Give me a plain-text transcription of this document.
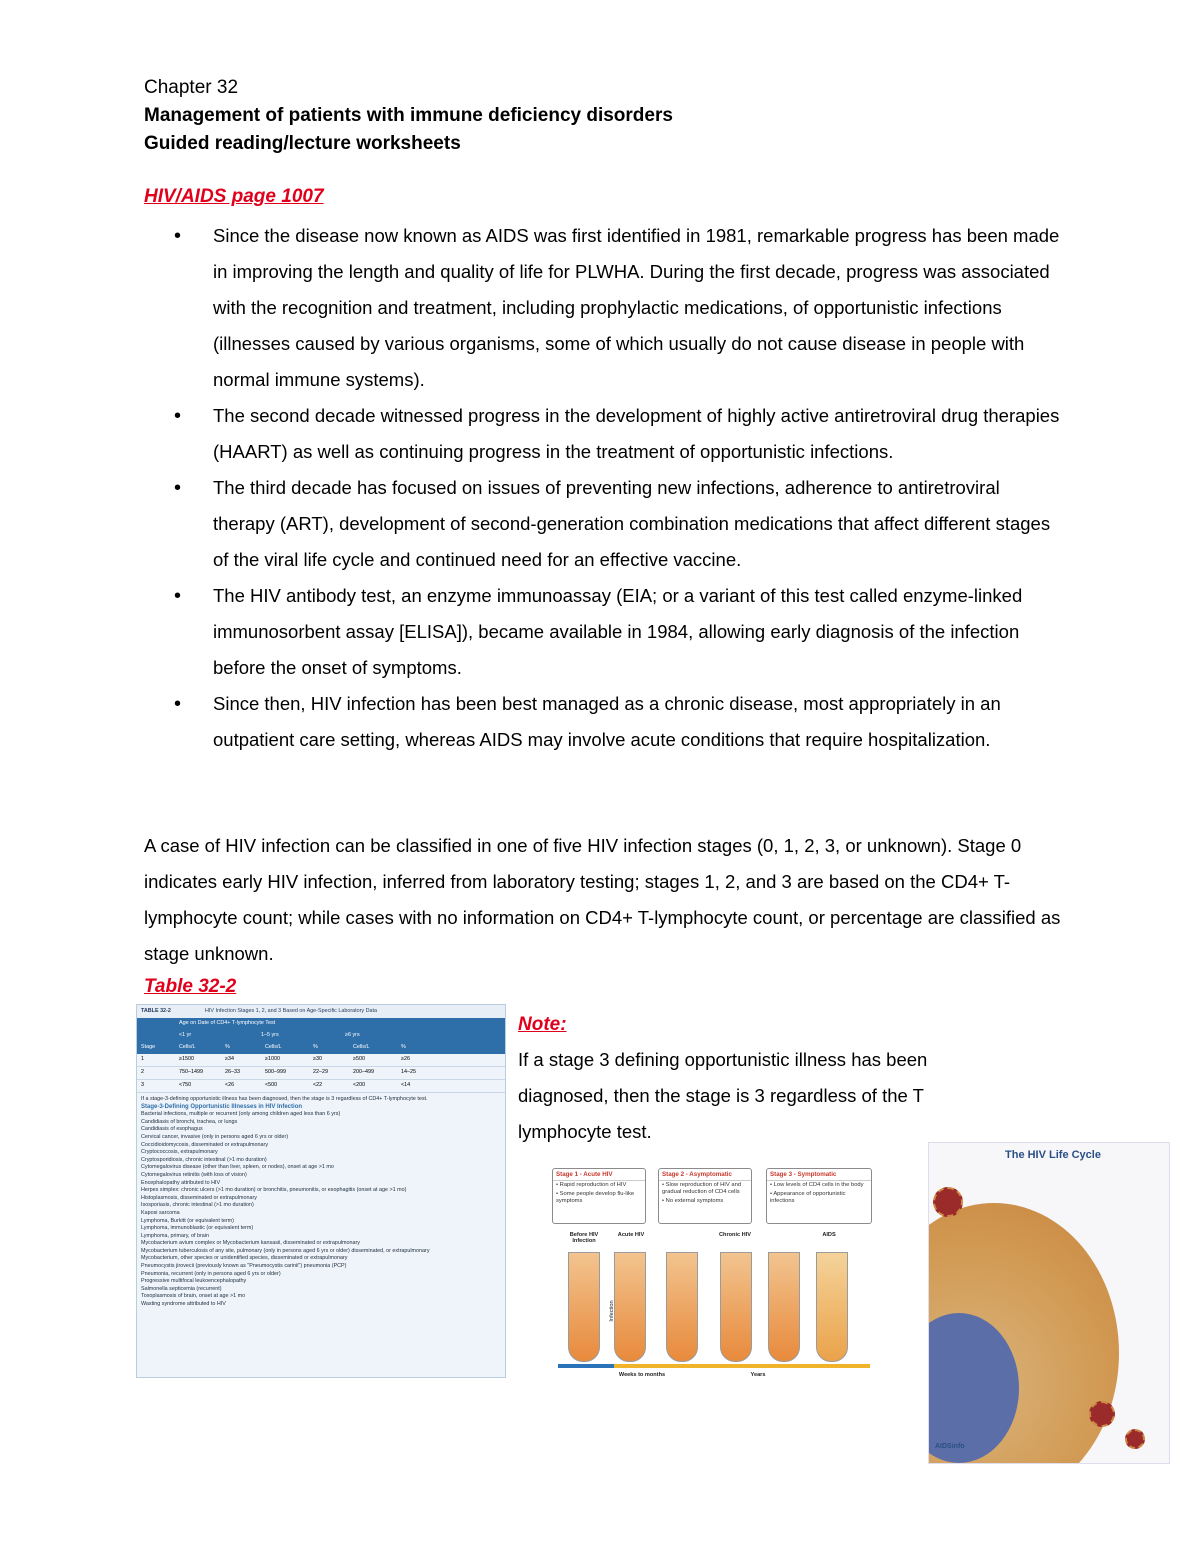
Chapter 32
Management of patients with immune deficiency disorders
Guided reading/lecture worksheets
HIV/AIDS page 1007
• Since the disease now known as AIDS was first identified in 1981, remarkable progress has been made in improving the length and quality of life for PLWHA. During the first decade, progress was associated with the recognition and treatment, including prophylactic medications, of opportunistic infections (illnesses caused by various organisms, some of which usually do not cause disease in people with normal immune systems).
• The second decade witnessed progress in the development of highly active antiretroviral drug therapies (HAART) as well as continuing progress in the treatment of opportunistic infections.
• The third decade has focused on issues of preventing new infections, adherence to antiretroviral therapy (ART), development of second-generation combination medications that affect different stages of the viral life cycle and continued need for an effective vaccine.
• The HIV antibody test, an enzyme immunoassay (EIA; or a variant of this test called enzyme-linked immunosorbent assay [ELISA]), became available in 1984, allowing early diagnosis of the infection before the onset of symptoms.
• Since then, HIV infection has been best managed as a chronic disease, most appropriately in an outpatient care setting, whereas AIDS may involve acute conditions that require hospitalization.
A case of HIV infection can be classified in one of five HIV infection stages (0, 1, 2, 3, or unknown). Stage 0 indicates early HIV infection, inferred from laboratory testing; stages 1, 2, and 3 are based on the CD4+ T-lymphocyte count; while cases with no information on CD4+ T-lymphocyte count, or percentage are classified as stage unknown.
Table 32-2
Note:
If a stage 3 defining opportunistic illness has been diagnosed, then the stage is 3 regardless of the T lymphocyte test.
TABLE 32-2	HIV Infection Stages 1, 2, and 3 Based on Age-Specific Laboratory Data
Age on Date of CD4+ T-lymphocyte Test
<1 yr	1–5 yrs	≥6 yrs
Stage	Cells/L	%	Cells/L	%	Cells/L	%
1	≥1500	≥34	≥1000	≥30	≥500	≥26
2	750–1499	26–33	500–999	22–29	200–499	14–25
3	<750	<26	<500	<22	<200	<14
If a stage-3-defining opportunistic illness has been diagnosed, then the stage is 3 regardless of CD4+ T-lymphocyte test.
Stage-3-Defining Opportunistic Illnesses in HIV Infection
Bacterial infections, multiple or recurrent (only among children aged less than 6 yrs)
Candidiasis of bronchi, trachea, or lungs
Candidiasis of esophagus
Cervical cancer, invasive (only in persons aged 6 yrs or older)
Coccidioidomycosis, disseminated or extrapulmonary
Cryptococcosis, extrapulmonary
Cryptosporidiosis, chronic intestinal (>1 mo duration)
Cytomegalovirus disease (other than liver, spleen, or nodes), onset at age >1 mo
Cytomegalovirus retinitis (with loss of vision)
Encephalopathy attributed to HIV
Herpes simplex: chronic ulcers (>1 mo duration) or bronchitis, pneumonitis, or esophagitis (onset at age >1 mo)
Histoplasmosis, disseminated or extrapulmonary
Isosporiasis, chronic intestinal (>1 mo duration)
Kaposi sarcoma
Lymphoma, Burkitt (or equivalent term)
Lymphoma, immunoblastic (or equivalent term)
Lymphoma, primary, of brain
Mycobacterium avium complex or Mycobacterium kansasii, disseminated or extrapulmonary
Mycobacterium tuberculosis of any site, pulmonary (only in persons aged 6 yrs or older) disseminated, or extrapulmonary
Mycobacterium, other species or unidentified species, disseminated or extrapulmonary
Pneumocystis jirovecii (previously known as "Pneumocystis carinii") pneumonia (PCP)
Pneumonia, recurrent (only in persons aged 6 yrs or older)
Progressive multifocal leukoencephalopathy
Salmonella septicemia (recurrent)
Toxoplasmosis of brain, onset at age >1 mo
Wasting syndrome attributed to HIV
Stage 1 - Acute HIV
• Rapid reproduction of HIV
• Some people develop flu-like symptoms
Stage 2 - Asymptomatic
• Slow reproduction of HIV and gradual reduction of CD4 cells
• No external symptoms
Stage 3 - Symptomatic
• Low levels of CD4 cells in the body
• Appearance of opportunistic infections
Before HIV Infection
Acute HIV	Chronic HIV	AIDS
Infection
Weeks to months	Years
The HIV Life Cycle
AIDSinfo
